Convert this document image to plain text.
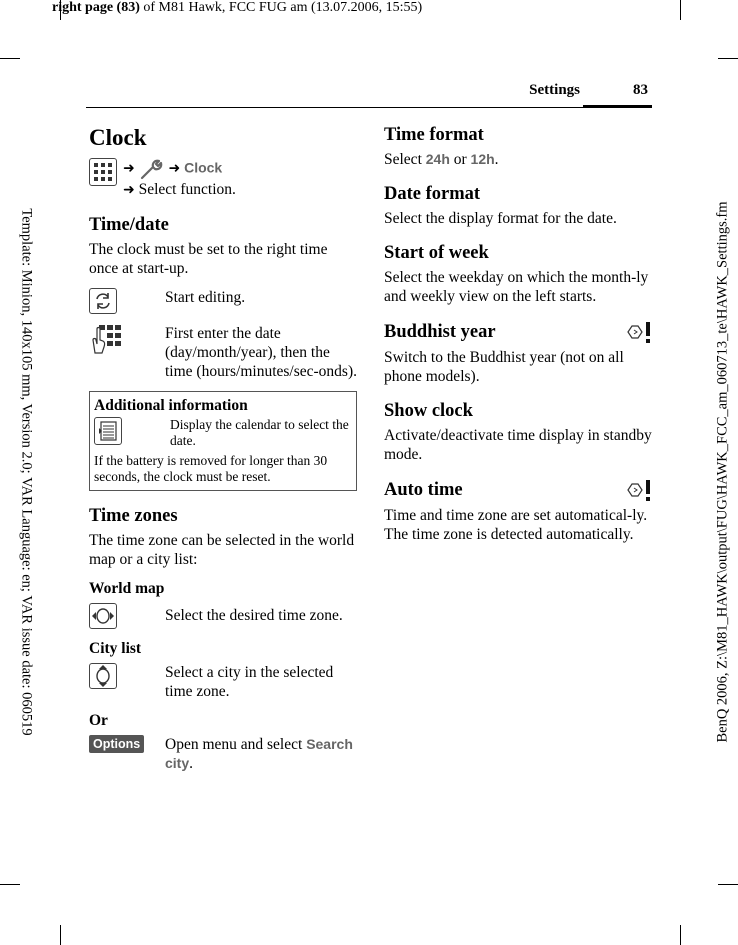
right page (83) of M81 Hawk, FCC FUG am (13.07.2006, 15:55)
Template: Minion, 140x105 mm, Version 2.0; VAR Language: en; VAR issue date: 060519	BenQ 2006, Z:\M81_HAWK\output\FUG\HAWK_FCC_am_060713_te\HAWK_Settings.fm
Settings	83
Clock
➜ ➜ Clock
➜ Select function.
Time/date

The clock must be set to the right time once at start-up.

Start editing.
First enter the date (day/month/year), then the time (hours/minutes/sec-onds).
Additional information
Display the calendar to select the date.
If the battery is removed for longer than 30 seconds, the clock must be reset.
Time zones

The time zone can be selected in the world map or a city list:

World map
Select the desired time zone.
City list
Select a city in the selected time zone.
Or
Options	Open menu and select Search city.
Time format

Select 24h or 12h.

Date format

Select the display format for the date.

Start of week

Select the weekday on which the month-ly and weekly view on the left starts.

Buddhist year

Switch to the Buddhist year (not on all phone models).

Show clock

Activate/deactivate time display in standby mode.

Auto time

Time and time zone are set automatical-ly. The time zone is detected automatically.
